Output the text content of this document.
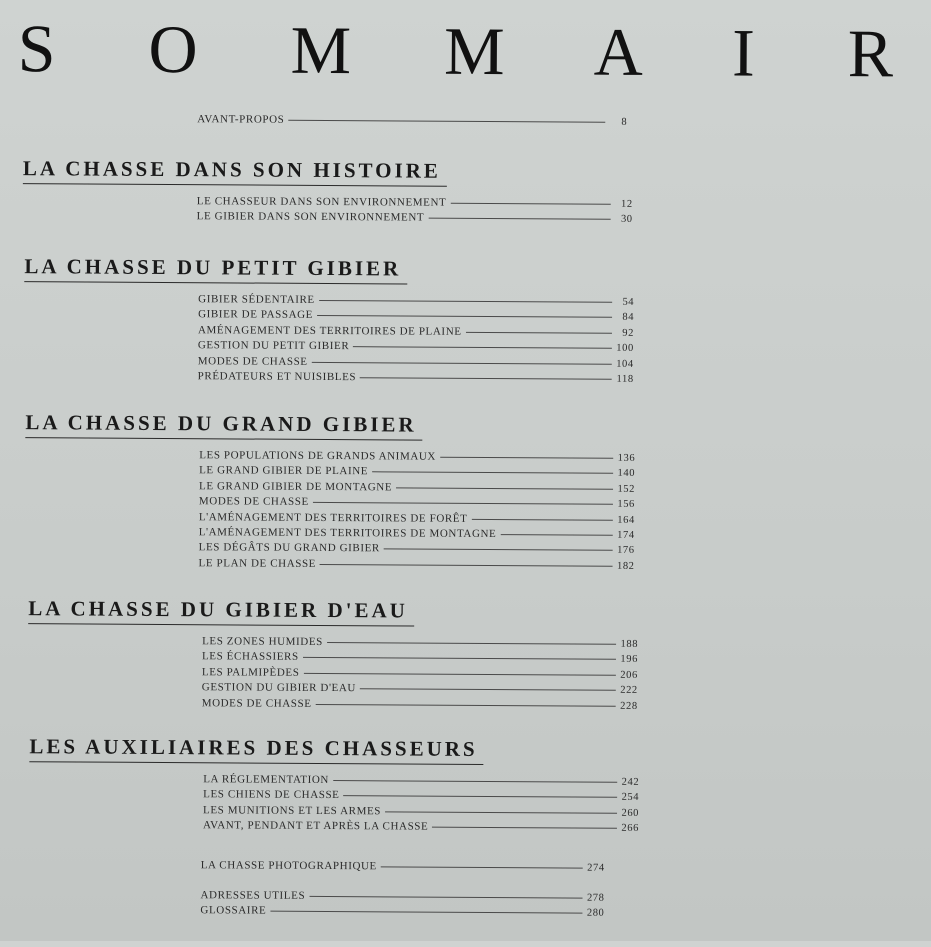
S O M M A I R
AVANT-PROPOS	8
LA CHASSE DANS SON HISTOIRE
LE CHASSEUR DANS SON ENVIRONNEMENT	12
LE GIBIER DANS SON ENVIRONNEMENT	30
LA CHASSE DU PETIT GIBIER
GIBIER SÉDENTAIRE	54
GIBIER DE PASSAGE	84
AMÉNAGEMENT DES TERRITOIRES DE PLAINE	92
GESTION DU PETIT GIBIER	100
MODES DE CHASSE	104
PRÉDATEURS ET NUISIBLES	118
LA CHASSE DU GRAND GIBIER
LES POPULATIONS DE GRANDS ANIMAUX	136
LE GRAND GIBIER DE PLAINE	140
LE GRAND GIBIER DE MONTAGNE	152
MODES DE CHASSE	156
L'AMÉNAGEMENT DES TERRITOIRES DE FORÊT	164
L'AMÉNAGEMENT DES TERRITOIRES DE MONTAGNE	174
LES DÉGÂTS DU GRAND GIBIER	176
LE PLAN DE CHASSE	182
LA CHASSE DU GIBIER D'EAU
LES ZONES HUMIDES	188
LES ÉCHASSIERS	196
LES PALMIPÈDES	206
GESTION DU GIBIER D'EAU	222
MODES DE CHASSE	228
LES AUXILIAIRES DES CHASSEURS
LA RÉGLEMENTATION	242
LES CHIENS DE CHASSE	254
LES MUNITIONS ET LES ARMES	260
AVANT, PENDANT ET APRÈS LA CHASSE	266
LA CHASSE PHOTOGRAPHIQUE	274
ADRESSES UTILES	278
GLOSSAIRE	280
